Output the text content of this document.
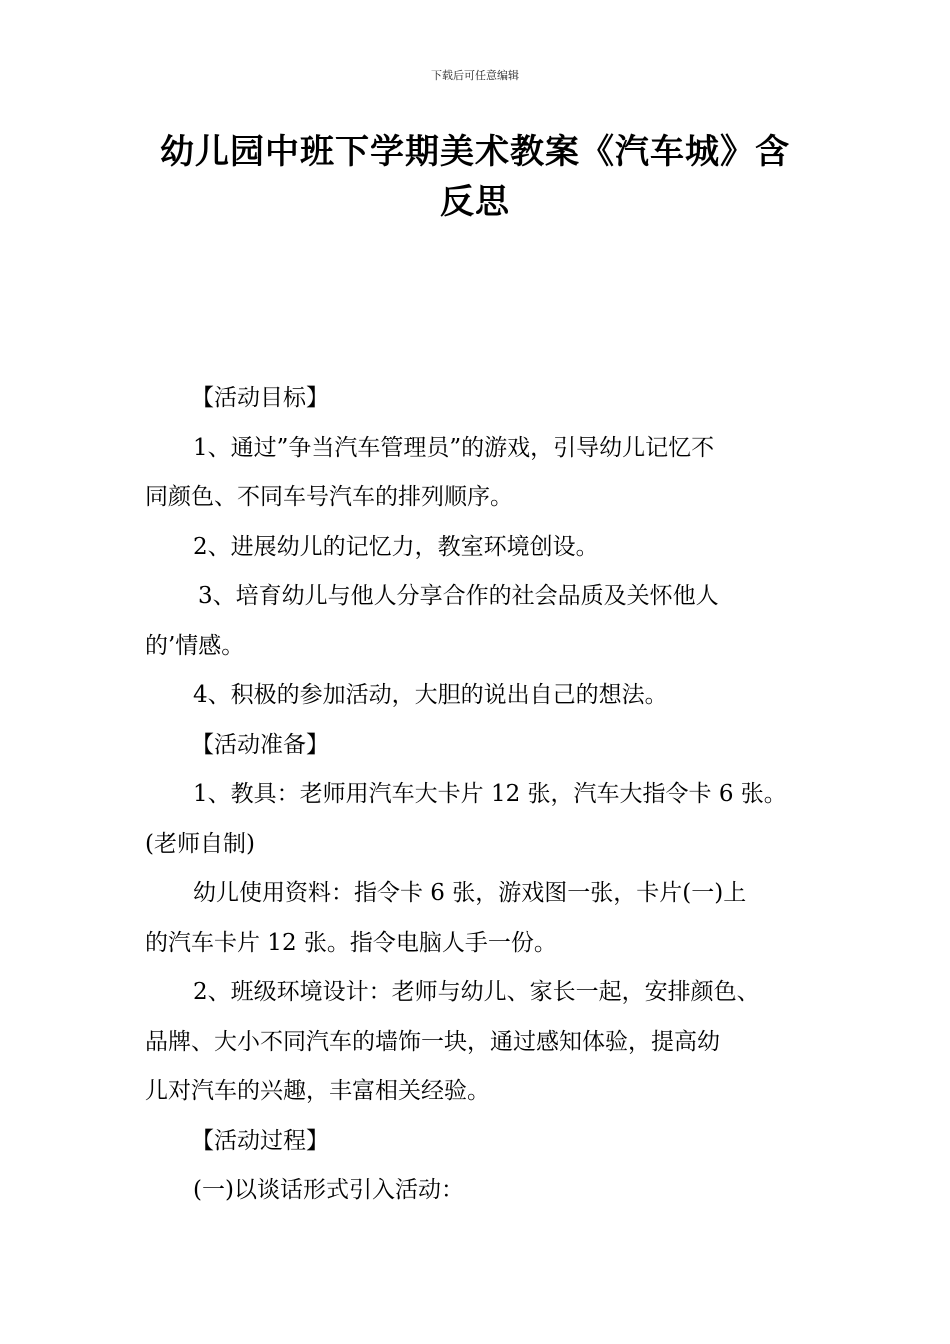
下载后可任意编辑
幼儿园中班下学期美术教案《汽车城》含
反思

【活动目标】

1、通过”争当汽车管理员”的游戏，引导幼儿记忆不
同颜色、不同车号汽车的排列顺序。

2、进展幼儿的记忆力，教室环境创设。

3、培育幼儿与他人分享合作的社会品质及关怀他人
的’情感。

4、积极的参加活动，大胆的说出自己的想法。

【活动准备】

1、教具：老师用汽车大卡片 12 张，汽车大指令卡 6 张。
(老师自制)

幼儿使用资料：指令卡 6 张，游戏图一张，卡片(一)上
的汽车卡片 12 张。指令电脑人手一份。

2、班级环境设计：老师与幼儿、家长一起，安排颜色、
品牌、大小不同汽车的墙饰一块，通过感知体验，提高幼
儿对汽车的兴趣，丰富相关经验。

【活动过程】

(一)以谈话形式引入活动：
